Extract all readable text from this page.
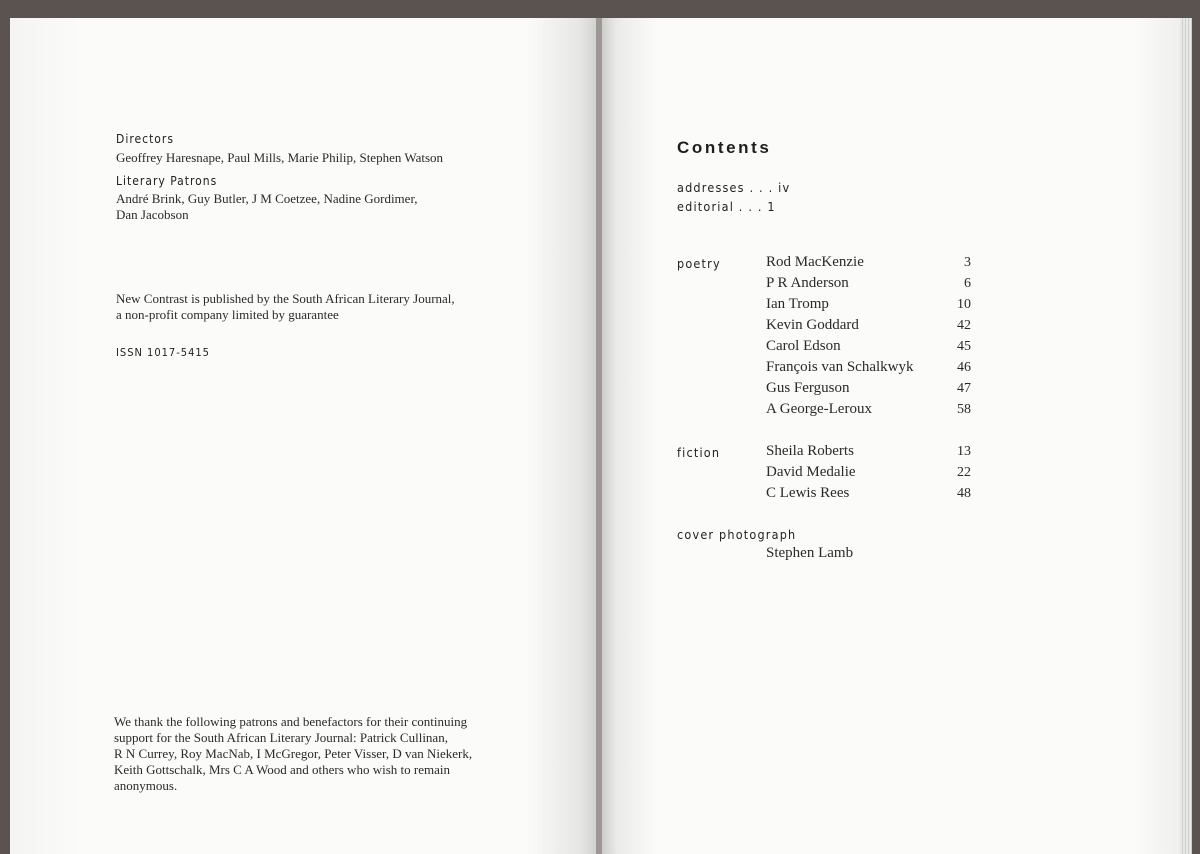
Directors
Geoffrey Haresnape, Paul Mills, Marie Philip, Stephen Watson
Literary Patrons
André Brink, Guy Butler, J M Coetzee, Nadine Gordimer,
Dan Jacobson
New Contrast is published by the South African Literary Journal,
a non-profit company limited by guarantee
ISSN 1017-5415
We thank the following patrons and benefactors for their continuing
support for the South African Literary Journal: Patrick Cullinan,
R N Currey, Roy MacNab, I McGregor, Peter Visser, D van Niekerk,
Keith Gottschalk, Mrs C A Wood and others who wish to remain
anonymous.
Contents
addresses . . . iv
editorial . . . 1
poetry	Rod MacKenzie
P R Anderson
Ian Tromp
Kevin Goddard
Carol Edson
François van Schalkwyk
Gus Ferguson
A George-Leroux
3
6
10
42
45
46
47
58
fiction	Sheila Roberts
David Medalie
C Lewis Rees
13
22
48
cover photograph
Stephen Lamb
